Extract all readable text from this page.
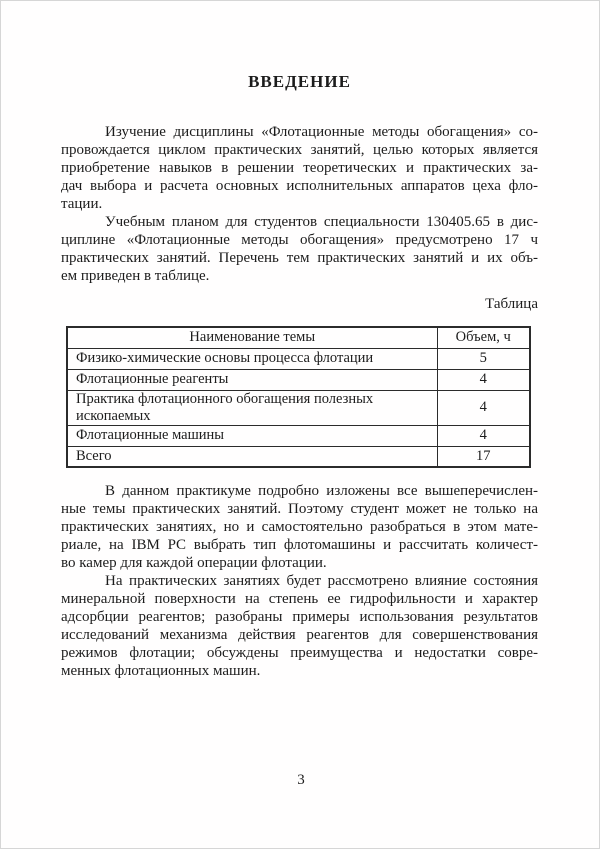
ВВЕДЕНИЕ
Изучение дисциплины «Флотационные методы обогащения» со-
провождается циклом практических занятий, целью которых является
приобретение навыков в решении теоретических и практических за-
дач выбора и расчета основных исполнительных аппаратов цеха фло-
тации.
Учебным планом для студентов специальности 130405.65 в дис-
циплине «Флотационные методы обогащения» предусмотрено 17 ч
практических занятий. Перечень тем практических занятий и их объ-
ем приведен в таблице.
Таблица
Наименование темы	Объем, ч
Физико-химические основы процесса флотации	5
Флотационные реагенты	4
Практика флотационного обогащения полезных ископаемых	4
Флотационные машины	4
Всего	17
В данном практикуме подробно изложены все вышеперечислен-
ные темы практических занятий. Поэтому студент может не только на
практических занятиях, но и самостоятельно разобраться в этом мате-
риале, на IBM PC выбрать тип флотомашины и рассчитать количест-
во камер для каждой операции флотации.
На практических занятиях будет рассмотрено влияние состояния
минеральной поверхности на степень ее гидрофильности и характер
адсорбции реагентов; разобраны примеры использования результатов
исследований механизма действия реагентов для совершенствования
режимов флотации; обсуждены преимущества и недостатки совре-
менных флотационных машин.
3
